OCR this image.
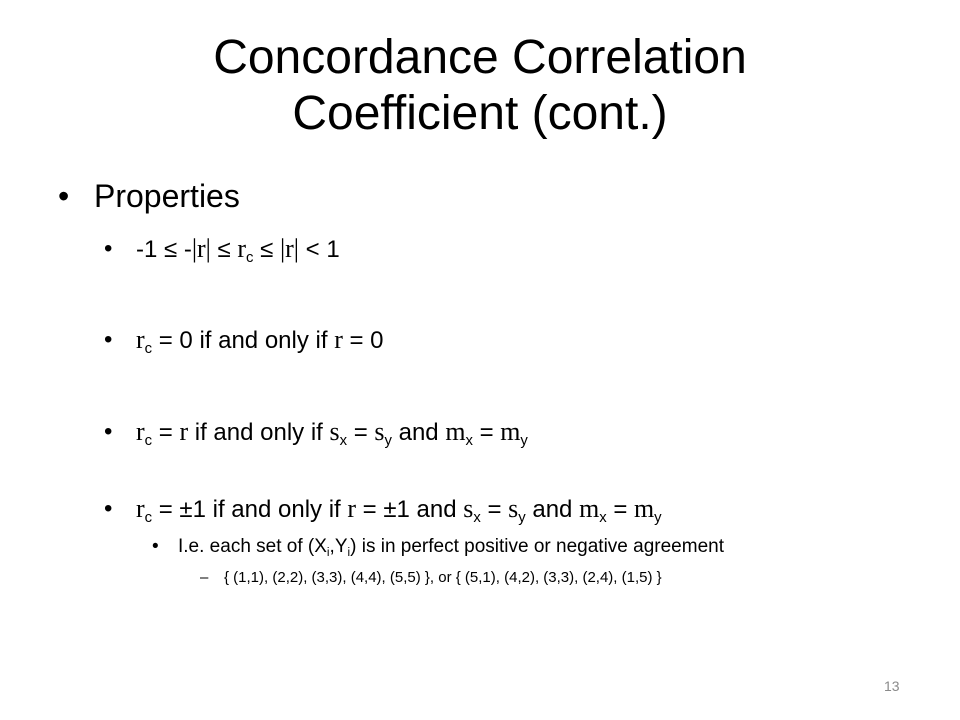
Concordance Correlation
Coefficient (cont.)
• Properties
• $-1 \le -|r| \le r_c \le |r| < 1$
• $r_c = 0$ if and only if r = 0
• $r_c = r$ if and only if $s_x = s_y$ and $m_x = m_y$
• $r_c = \pm 1$ if and only if r = ±1 and $s_x = s_y$ and $m_x = m_y$
• I.e. each set of $(X_i,Y_i)$ is in perfect positive or negative agreement
– { (1,1), (2,2), (3,3), (4,4), (5,5) }, or { (5,1), (4,2), (3,3), (2,4), (1,5) }
13
